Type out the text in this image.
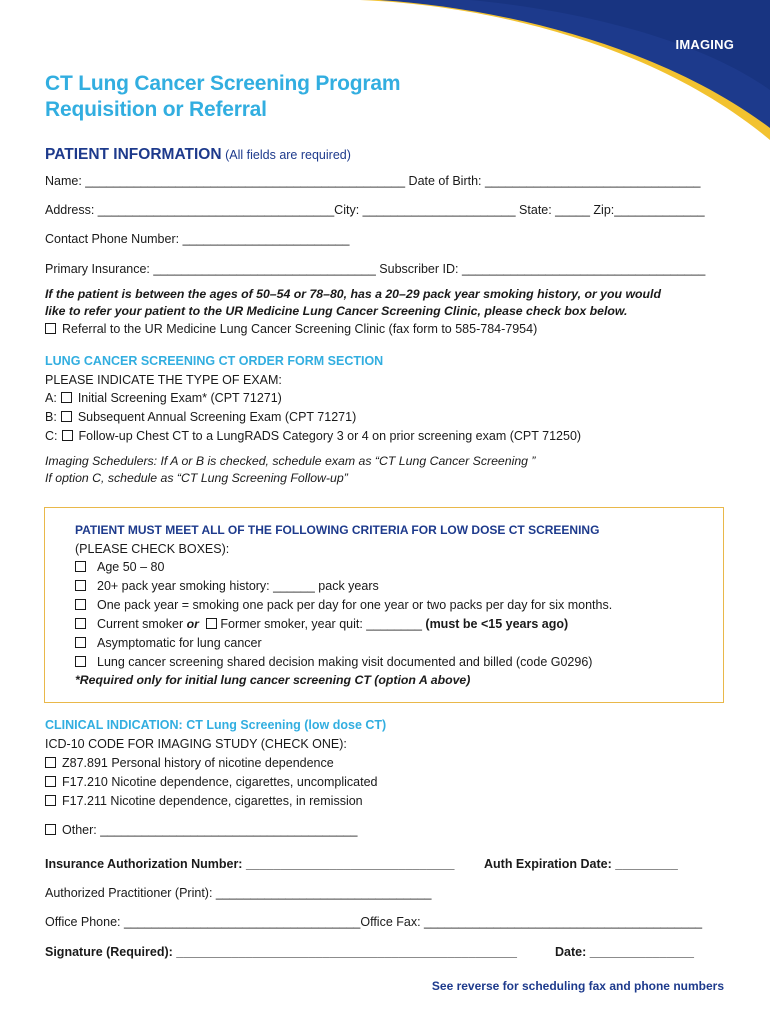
IMAGING
CT Lung Cancer Screening Program
Requisition or Referral
PATIENT INFORMATION (All fields are required)
Name: ______________________________________________ Date of Birth: _______________________________
Address: __________________________________City: ______________________ State: _____ Zip:_____________
Contact Phone Number: ________________________
Primary Insurance: ________________________________ Subscriber ID: ___________________________________
If the patient is between the ages of 50–54 or 78–80, has a 20–29 pack year smoking history, or you would
like to refer your patient to the UR Medicine Lung Cancer Screening Clinic, please check box below.
Referral to the UR Medicine Lung Cancer Screening Clinic (fax form to 585-784-7954)
LUNG CANCER SCREENING CT ORDER FORM SECTION
PLEASE INDICATE THE TYPE OF EXAM:
A: Initial Screening Exam* (CPT 71271)
B: Subsequent Annual Screening Exam (CPT 71271)
C: Follow-up Chest CT to a LungRADS Category 3 or 4 on prior screening exam (CPT 71250)
Imaging Schedulers: If A or B is checked, schedule exam as “CT Lung Cancer Screening ”
If option C, schedule as “CT Lung Screening Follow-up”
PATIENT MUST MEET ALL OF THE FOLLOWING CRITERIA FOR LOW DOSE CT SCREENING
(PLEASE CHECK BOXES):
Age 50 – 80
20+ pack year smoking history: ______ pack years
One pack year = smoking one pack per day for one year or two packs per day for six months.
Current smoker or Former smoker, year quit: ________ (must be <15 years ago)
Asymptomatic for lung cancer
Lung cancer screening shared decision making visit documented and billed (code G0296)
*Required only for initial lung cancer screening CT (option A above)
CLINICAL INDICATION: CT Lung Screening (low dose CT)
ICD-10 CODE FOR IMAGING STUDY (CHECK ONE):
Z87.891 Personal history of nicotine dependence
F17.210 Nicotine dependence, cigarettes, uncomplicated
F17.211 Nicotine dependence, cigarettes, in remission
Other: _____________________________________
Insurance Authorization Number: ______________________________ Auth Expiration Date: _________
Authorized Practitioner (Print): _______________________________
Office Phone: __________________________________Office Fax: ________________________________________
Signature (Required): _________________________________________________	Date: _______________
See reverse for scheduling fax and phone numbers
